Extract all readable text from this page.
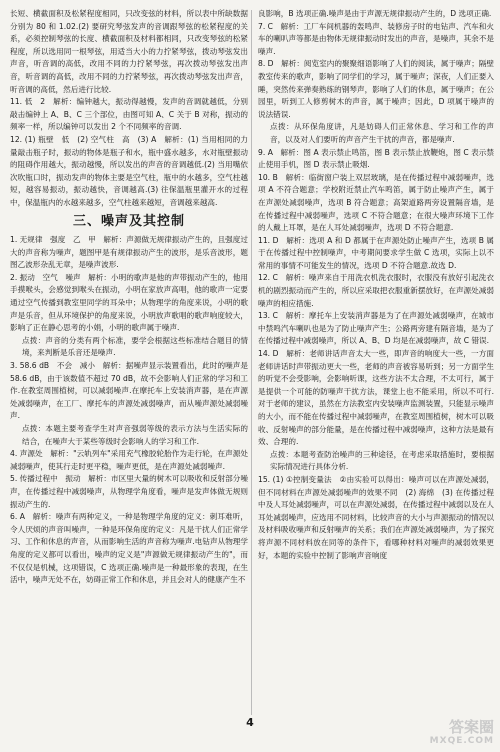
长短、横截面积及松紧程度相同，只改变弦的材料，所以表中所缺数据分别为 80 和 1.02.(2) 要研究琴弦发声的音调跟琴弦的松紧程度的关系，必须控制琴弦的长度、横截面积及材料都相同，只改变琴弦的松紧程度，所以选用同一根琴弦，用适当大小的力拧紧琴弦，拨动琴弦发出声音，听音调的高低，改用不同的力拧紧琴弦，再次拨动琴弦发出声音，听音调的高低，改用不同的力拧紧琴弦，再次拨动琴弦发出声音，听音调的高低，然后进行比较.

11. 低　2　解析：编钟越大，振动得越慢，发声的音调就越低，分别敲击编钟上 A、B、C 三个部位，由图可知 A、C 关于 B 对称，振动的频率一样，所以编钟可以发出 2 个不同频率的音调.

12. (1) 瓶壁　低　(2) 空气柱　高　(3) A　解析：(1) 当用相同的力量敲击瓶子时，振动的物体是瓶子和水，瓶中盛水越多，水对瓶壁振动的阻碍作用越大，振动越慢，所以发出的声音的音调越低.(2) 当用嘴依次吹瓶口时，振动发声的物体主要是空气柱，瓶中的水越多，空气柱越短，越容易振动，振动越快，音调越高.(3) 往保温瓶里灌开水的过程中，保温瓶内的水越来越多，空气柱越来越短，音调越来越高.

三、噪声及其控制

1. 无规律　强度　乙　甲　解析：声源做无规律振动产生的，且强度过大的声音称为噪声，题图甲是有规律振动产生的波形，是乐音波形，题图乙波形杂乱无章，是噪声波形.

2. 振动　空气　噪声　解析：小明的歌声是他的声带振动产生的，他用手摸喉头，会感觉到喉头在振动，小明在家放声高唱，他的歌声一定要通过空气传播到教室里同学的耳朵中；从物理学的角度来说，小明的歌声是乐音，但从环境保护的角度来说，小明放声歌唱的歌声响度较大，影响了正在静心思考的小娟，小明的歌声属于噪声.

点拨：声音的分类有两个标准，要学会根据这些标准结合题目的情境，来判断是乐音还是噪声.

3. 58.6 dB　不会　减小　解析：据噪声显示装置看出，此时的噪声是 58.6 dB，由于该数值不超过 70 dB，故不会影响人们正常的学习和工作.在教室周围植树，可以减弱噪声.在摩托车上安装消声器，是在声源处减弱噪声，在工厂、摩托车的声源处减弱噪声，而从噪声源处减弱噪声.

点拨：本题主要考查学生对声音强弱等级的表示方法与生活实际的结合，在噪声大于某些等级时会影响人的学习和工作.

4. 声源处　解析："云轨列车"采用充气橡胶轮胎作为走行轮，在声源处减弱噪声，使其行走时更平稳，噪声更低，是在声源处减弱噪声.

5. 传播过程中　振动　解析：市区里大量的树木可以吸收和反射部分噪声，在传播过程中减弱噪声，从物理学角度看，噪声是发声体做无规则振动产生的.

6. A　解析：噪声有两种定义，一种是物理学角度的定义：刺耳难听，令人厌烦的声音叫噪声，一种是环保角度的定义：凡是干扰人们正常学习、工作和休息的声音，从而影响生活的声音称为噪声.电钻声从物理学角度的定义都可以看出，噪声的定义是"声源做无规律振动产生的"，而不仅仅是机械，这项错误，C 选项正确.噪声是一种最形象的表现，在生活中，噪声无处不在，妨碍正常工作和休息，并且会对人的健康产生不

良影响，B 选项正确.噪声是由于声源无规律振动产生的，D 选项正确.

7. C　解析：工厂车间机器的轰鸣声、装修房子时的电钻声、汽车和火车的喇叭声等都是由物体无规律振动时发出的声音，是噪声，其余不是噪声.

8. D　解析：阅览室内的聚聚细语影响了人们的阅读，属于噪声；隔壁教室传来的歌声，影响了同学们的学习，属于噪声；深夜，人们正要入睡，突然传来弹奏熟练的钢琴声，影响了人们的休息，属于噪声；在公园里，听到工人修剪树木的声音，属于噪声；因此，D 项属于噪声的说法错误.

点拨：从环保角度讲，凡是妨碍人们正常休息、学习和工作的声音，以及对人们要听的声音产生干扰的声音，都是噪声.

9. A　解析：图 A 表示禁止鸣笛，图 B 表示禁止放鞭炮，图 C 表示禁止使用手机，图 D 表示禁止吸烟.

10. B　解析：临街窗户装上双层玻璃，是在传播过程中减弱噪声，选项 A 不符合题意；学校附近禁止汽车鸣笛，属于防止噪声产生，属于在声源处减弱噪声，选项 B 符合题意；高架道路两旁设置隔音墙，是在传播过程中减弱噪声，选项 C 不符合题意；在很大噪声环境下工作的人戴上耳罩，是在人耳处减弱噪声，选项 D 不符合题意.

11. D　解析：选项 A 和 D 都属于在声源处防止噪声产生，选项 B 属于在传播过程中控制噪声，中考期间要求学生做 C 选项，实际上以不常用的事情不可能发生的情况，选项 D 不符合题意.故选 D.

12. C　解析：噪声来自于用洗衣机洗衣服时，衣服没有放好引起洗衣机的剧烈振动而产生的，所以应采取把衣服重新摆放好，在声源处减弱噪声的相应措施.

13. C　解析：摩托车上安装消声器是为了在声源处减弱噪声，在城市中禁鸣汽车喇叭也是为了防止噪声产生；公路两旁建有隔音墙，是为了在传播过程中减弱噪声，所以 A、B、D 均是在减弱噪声，故 C 错误.

14. D　解析：老师讲话声音太大一些，即声音的响度大一些，一方面老师讲话时声带振动更大一些，老师的声音被容易听到；另一方面学生的听觉不会受影响，会影响听课，这些方法不太合理，不太可行，属于是提供一个可能的防噪声干扰方法，课堂上也不能采用，所以不可行.对于老师的建议，虽然在方法教室内安装噪声监测装置，只能显示噪声的大小，而不能在传播过程中减弱噪声，在教室周围植树，树木可以吸收、反射噪声的部分能量，是在传播过程中减弱噪声，这种方法是最有效、合理的.

点拨：本题考查防治噪声的三种途径，在考虑采取措施时，要根据实际情况进行具体分析.

15. (1) ①控制变量法　②由实验可以得出：噪声可以在声源处减弱，但不同材料在声源处减弱噪声的效果不同　(2) 海绵　(3) 在传播过程中及人耳处减弱噪声，可以在声源处减弱，在传播过程中减弱以及在人耳处减弱噪声，应选用不同材料，比较声音的大小与声源振动的情况以及材料吸收噪声和反射噪声的关系；我们在声源处减弱噪声，为了探究将声源不同材料放在同等的条件下，看哪种材料对噪声的减弱效果更好，本题的实验中控制了影响声音响度

4	答案圈
MXQE.COM
